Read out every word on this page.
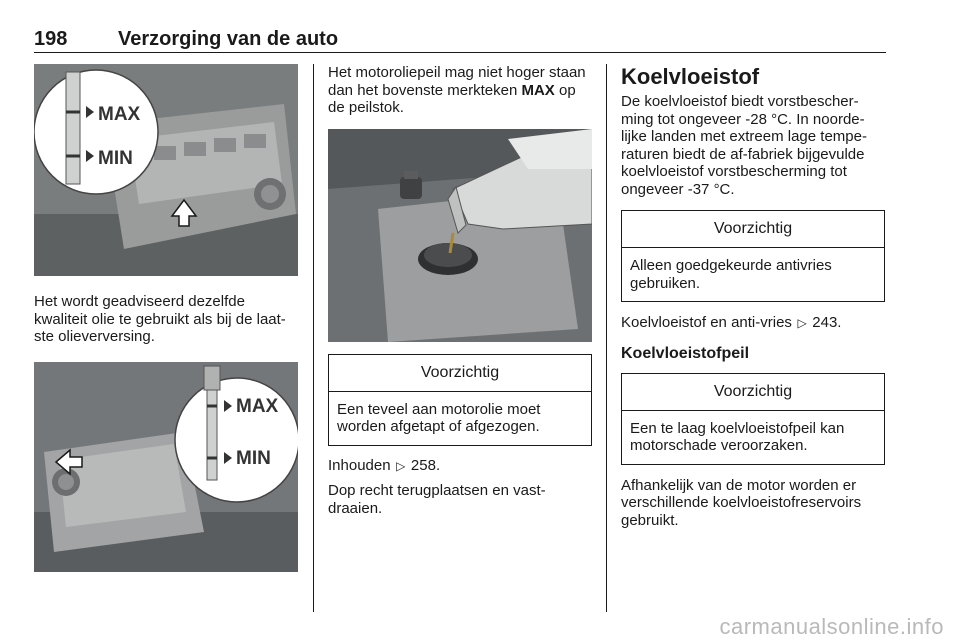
198	Verzorging van de auto
MAX
MIN

Het wordt geadviseerd dezelfde kwaliteit olie te gebruikt als bij de laat-ste olieverversing.

MAX
MIN

Het motoroliepeil mag niet hoger staan dan het bovenste merkteken MAX op de peilstok.

Voorzichtig
Een teveel aan motorolie moet worden afgetapt of afgezogen.

Inhouden ▷ 258.

Dop recht terugplaatsen en vast-draaien.

Koelvloeistof

De koelvloeistof biedt vorstbescher-ming tot ongeveer -28 °C. In noorde-lijke landen met extreem lage tempe-raturen biedt de af-fabriek bijgevulde koelvloeistof vorstbescherming tot ongeveer -37 °C.

Voorzichtig
Alleen goedgekeurde antivries gebruiken.

Koelvloeistof en anti-vries ▷ 243.

Koelvloeistofpeil
Voorzichtig
Een te laag koelvloeistofpeil kan motorschade veroorzaken.

Afhankelijk van de motor worden er verschillende koelvloeistofreservoirs gebruikt.

carmanualsonline.info
